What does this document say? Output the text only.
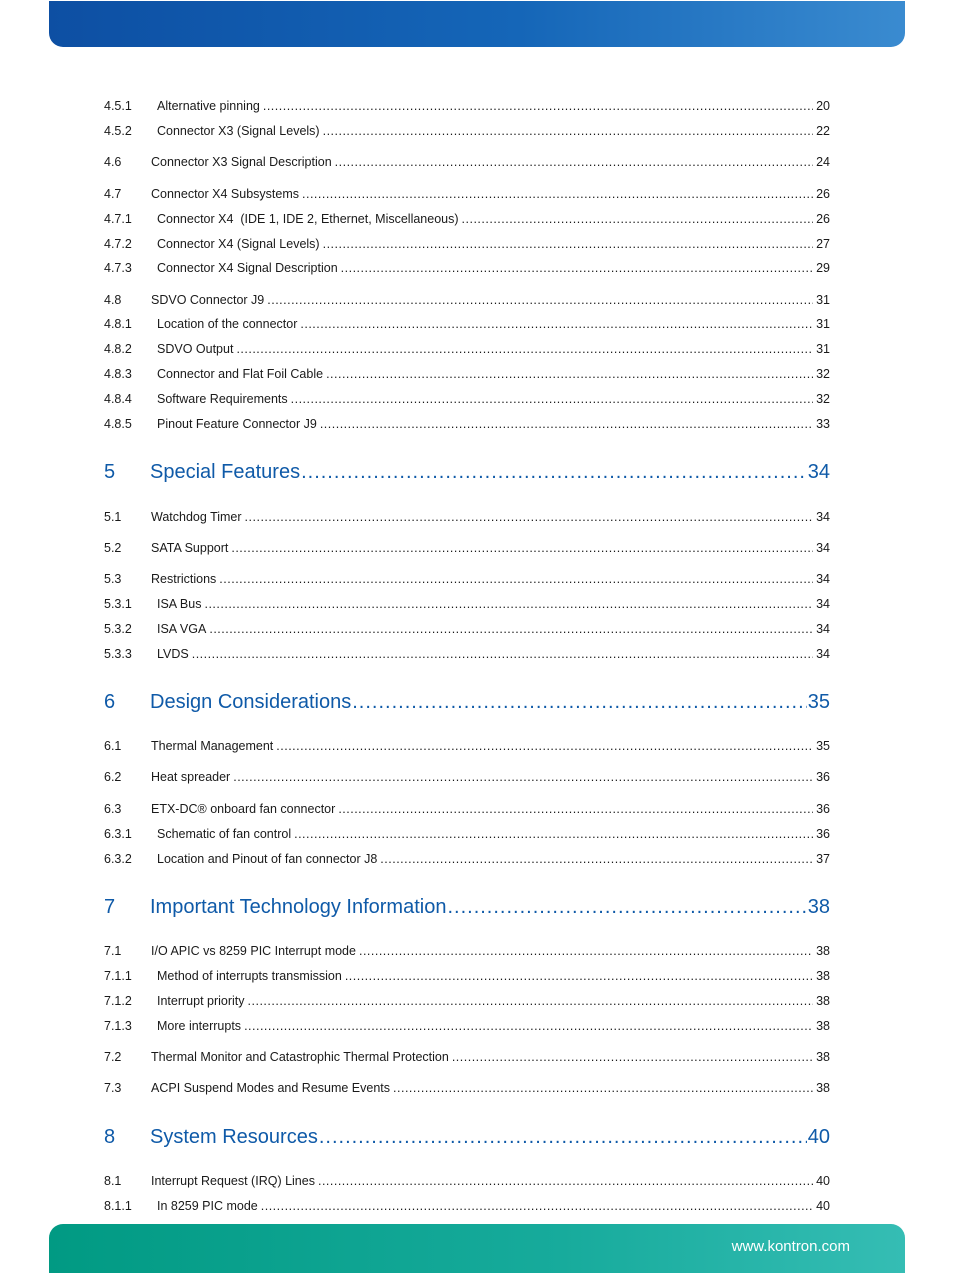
4.5.1	Alternative pinning .....	20
4.5.2	Connector X3 (Signal Levels) .....	22
4.6	Connector X3 Signal Description .....	24
4.7	Connector X4 Subsystems .....	26
4.7.1	Connector X4  (IDE 1, IDE 2, Ethernet, Miscellaneous) .....	26
4.7.2	Connector X4 (Signal Levels) .....	27
4.7.3	Connector X4 Signal Description .....	29
4.8	SDVO Connector J9 .....	31
4.8.1	Location of the connector .....	31
4.8.2	SDVO Output .....	31
4.8.3	Connector and Flat Foil Cable .....	32
4.8.4	Software Requirements .....	32
4.8.5	Pinout Feature Connector J9 .....	33
5	Special Features .....	34
5.1	Watchdog Timer .....	34
5.2	SATA Support .....	34
5.3	Restrictions .....	34
5.3.1	ISA Bus .....	34
5.3.2	ISA VGA .....	34
5.3.3	LVDS .....	34
6	Design Considerations .....	35
6.1	Thermal Management .....	35
6.2	Heat spreader .....	36
6.3	ETX-DC® onboard fan connector .....	36
6.3.1	Schematic of fan control .....	36
6.3.2	Location and Pinout of fan connector J8 .....	37
7	Important Technology Information .....	38
7.1	I/O APIC vs 8259 PIC Interrupt mode .....	38
7.1.1	Method of interrupts transmission .....	38
7.1.2	Interrupt priority .....	38
7.1.3	More interrupts .....	38
7.2	Thermal Monitor and Catastrophic Thermal Protection .....	38
7.3	ACPI Suspend Modes and Resume Events .....	38
8	System Resources .....	40
8.1	Interrupt Request (IRQ) Lines .....	40
8.1.1	In 8259 PIC mode .....	40
www.kontron.com
